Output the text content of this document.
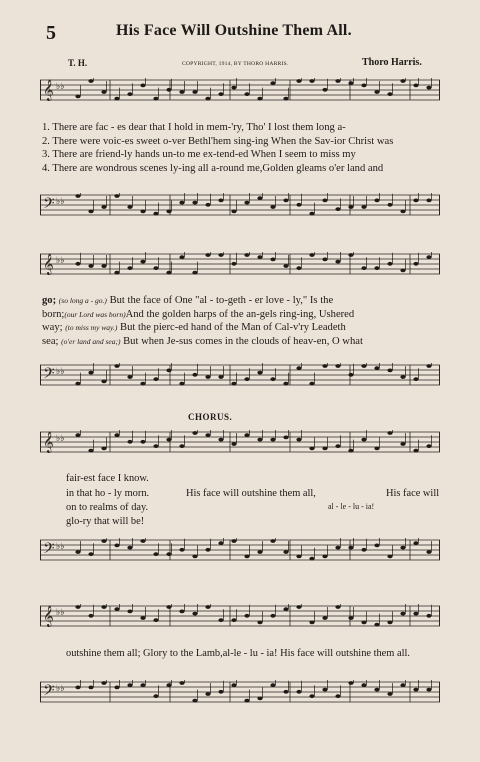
5	His Face Will Outshine Them All.
T. H.	COPYRIGHT, 1914, BY THORO HARRIS.	Thoro Harris.
𝄞 ♭♭
𝄢 ♭♭
𝄞 ♭♭
𝄢 ♭♭
𝄞 ♭♭
𝄢 ♭♭
𝄞 ♭♭
𝄢 ♭♭
1. There are fac - es dear that I hold in mem-'ry, Tho' I lost them long a-
2. There were voic-es sweet o-ver Bethl'hem sing-ing When the Sav-ior Christ was
3. There are friend-ly hands un-to me ex-tend-ed When I seem to miss my
4. There are wondrous scenes ly-ing all a-round me,Golden gleams o'er land and
go; (so long a - go.) But the face of One "al - to-geth - er love - ly," Is the
born;(our Lord was born)And the golden harps of the an-gels ring-ing, Ushered
way; (to miss my way.) But the pierc-ed hand of the Man of Cal-v'ry Leadeth
sea; (o'er land and sea;) But when Je-sus comes in the clouds of heav-en, O what
CHORUS.
fair-est face I know.
in that ho - ly morn.
on to realms of day.
glo-ry that will be!
His face will outshine them all,	His face will
al - le - lu - ia!
outshine them all; Glory to the Lamb,al-le - lu - ia! His face will outshine them all.
